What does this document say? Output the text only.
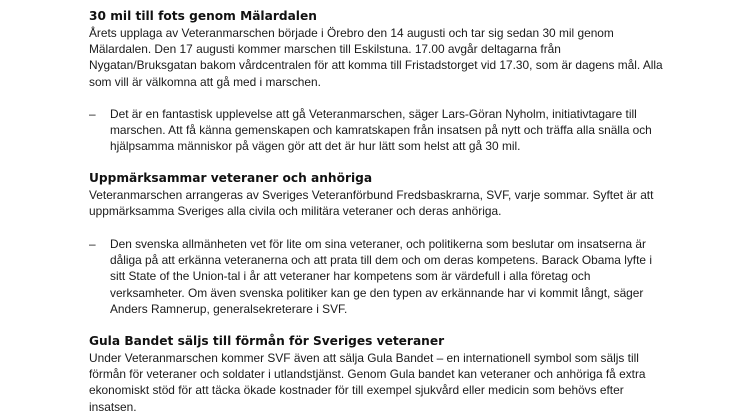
30 mil till fots genom Mälardalen
Årets upplaga av Veteranmarschen började i Örebro den 14 augusti och tar sig sedan 30 mil genom Mälardalen. Den 17 augusti kommer marschen till Eskilstuna. 17.00 avgår deltagarna från Nygatan/Bruksgatan bakom vårdcentralen för att komma till Fristadstorget vid 17.30, som är dagens mål. Alla som vill är välkomna att gå med i marschen.
– Det är en fantastisk upplevelse att gå Veteranmarschen, säger Lars-Göran Nyholm, initiativtagare till marschen. Att få känna gemenskapen och kamratskapen från insatsen på nytt och träffa alla snälla och hjälpsamma människor på vägen gör att det är hur lätt som helst att gå 30 mil.
Uppmärksammar veteraner och anhöriga
Veteranmarschen arrangeras av Sveriges Veteranförbund Fredsbaskrarna, SVF, varje sommar. Syftet är att uppmärksamma Sveriges alla civila och militära veteraner och deras anhöriga.
– Den svenska allmänheten vet för lite om sina veteraner, och politikerna som beslutar om insatserna är dåliga på att erkänna veteranerna och att prata till dem och om deras kompetens. Barack Obama lyfte i sitt State of the Union-tal i år att veteraner har kompetens som är värdefull i alla företag och verksamheter. Om även svenska politiker kan ge den typen av erkännande har vi kommit långt, säger Anders Ramnerup, generalsekreterare i SVF.
Gula Bandet säljs till förmån för Sveriges veteraner
Under Veteranmarschen kommer SVF även att sälja Gula Bandet – en internationell symbol som säljs till förmån för veteraner och soldater i utlandstjänst. Genom Gula bandet kan veteraner och anhöriga få extra ekonomiskt stöd för att täcka ökade kostnader för till exempel sjukvård eller medicin som behövs efter insatsen.
